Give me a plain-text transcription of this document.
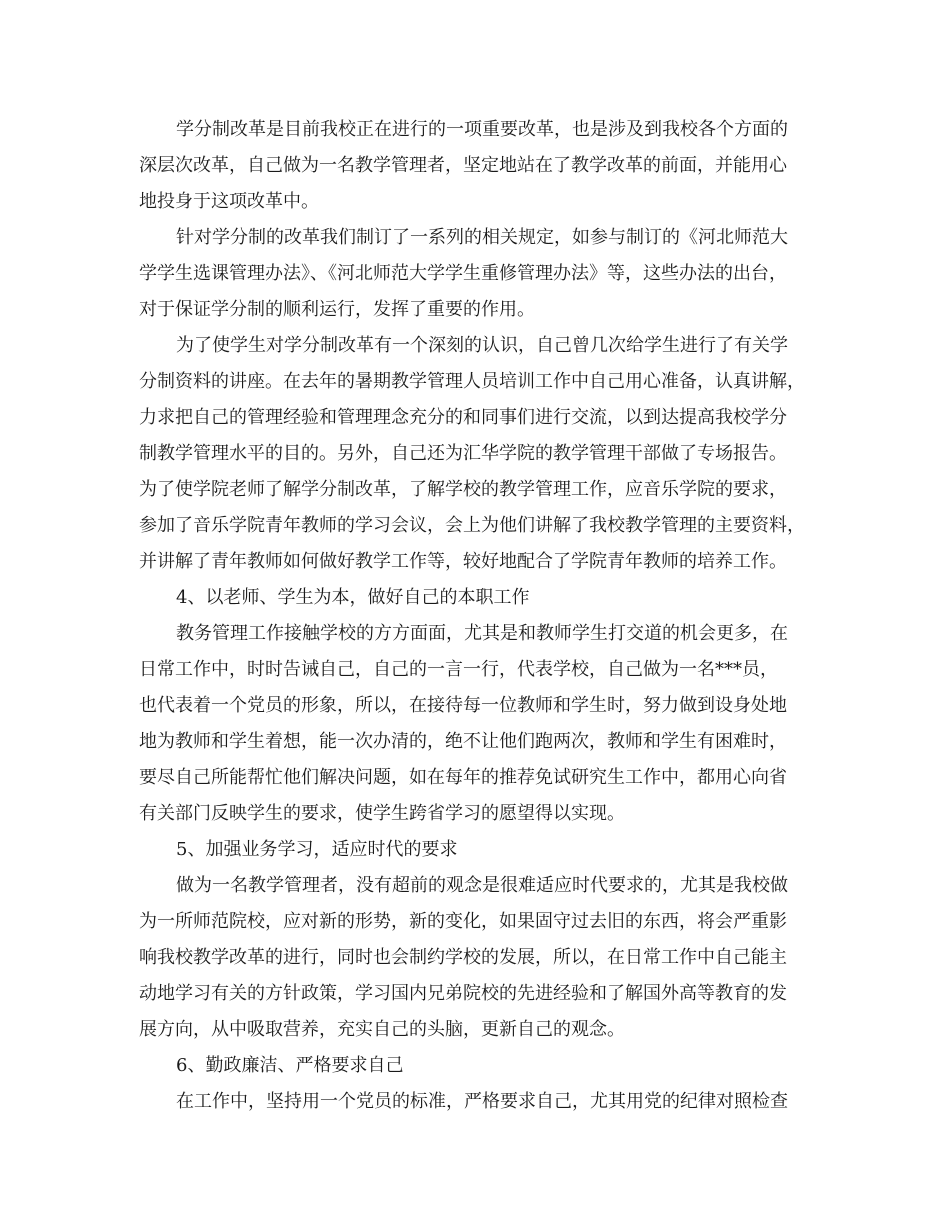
学分制改革是目前我校正在进行的一项重要改革，也是涉及到我校各个方面的
深层次改革，自己做为一名教学管理者，坚定地站在了教学改革的前面，并能用心
地投身于这项改革中。
针对学分制的改革我们制订了一系列的相关规定，如参与制订的《河北师范大
学学生选课管理办法》、《河北师范大学学生重修管理办法》等，这些办法的出台，
对于保证学分制的顺利运行，发挥了重要的作用。
为了使学生对学分制改革有一个深刻的认识，自己曾几次给学生进行了有关学
分制资料的讲座。在去年的暑期教学管理人员培训工作中自己用心准备，认真讲解，
力求把自己的管理经验和管理理念充分的和同事们进行交流，以到达提高我校学分
制教学管理水平的目的。另外，自己还为汇华学院的教学管理干部做了专场报告。
为了使学院老师了解学分制改革，了解学校的教学管理工作，应音乐学院的要求，
参加了音乐学院青年教师的学习会议，会上为他们讲解了我校教学管理的主要资料，
并讲解了青年教师如何做好教学工作等，较好地配合了学院青年教师的培养工作。
4、以老师、学生为本，做好自己的本职工作
教务管理工作接触学校的方方面面，尤其是和教师学生打交道的机会更多，在
日常工作中，时时告诫自己，自己的一言一行，代表学校，自己做为一名***员，
也代表着一个党员的形象，所以，在接待每一位教师和学生时，努力做到设身处地
地为教师和学生着想，能一次办清的，绝不让他们跑两次，教师和学生有困难时，
要尽自己所能帮忙他们解决问题，如在每年的推荐免试研究生工作中，都用心向省
有关部门反映学生的要求，使学生跨省学习的愿望得以实现。
5、加强业务学习，适应时代的要求
做为一名教学管理者，没有超前的观念是很难适应时代要求的，尤其是我校做
为一所师范院校，应对新的形势，新的变化，如果固守过去旧的东西，将会严重影
响我校教学改革的进行，同时也会制约学校的发展，所以，在日常工作中自己能主
动地学习有关的方针政策，学习国内兄弟院校的先进经验和了解国外高等教育的发
展方向，从中吸取营养，充实自己的头脑，更新自己的观念。
6、勤政廉洁、严格要求自己
在工作中，坚持用一个党员的标准，严格要求自己，尤其用党的纪律对照检查
